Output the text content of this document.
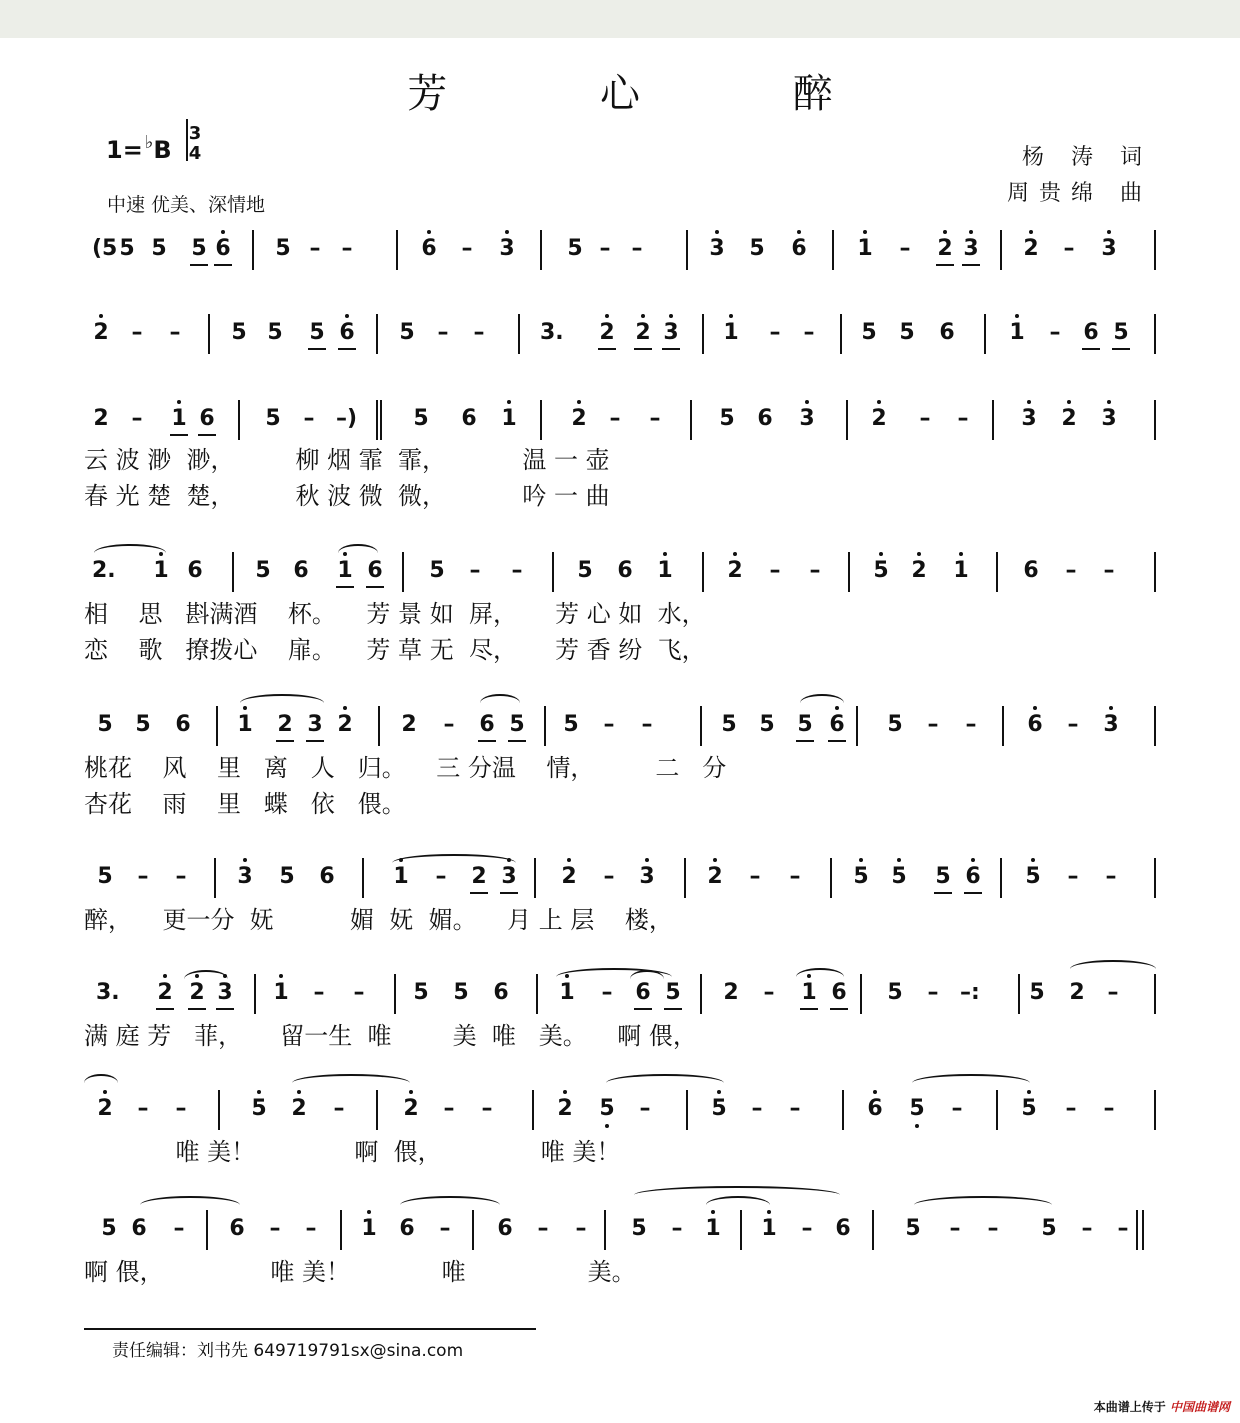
芳 心 醉
1= ♭B
3
4
中速 优美、深情地
杨 涛 词
周贵绵 曲
(5 5 5 5 6 5 – –	6 – 3 5 – –	3 5 6 1 – 2 3 2 – 3
2 – – 5 5 5 6 5 – –	3. 2 2 3 1 – – 5 5 6 1 – 6 5
2 – 1 6 5 – –)	5 6 1 2 – –	5 6 3	2 – – 3 2 3
2. 1 6 5 6 1 6 5 – – 5 6 1 2 – – 5 2 1 6 – –
5 5 6 1 2 3 2 2 – 6 5 5 – –	5 5 5 6 5 – – 6 – 3
5 – – 3 5 6	1 – 2 3 2 – 3 2 – – 5 5 5 6 5 – –
3. 2 2 3 1 – – 5 5 6 1 – 6 5 2 – 1 6 5 – –: 5 2 –
2 – –	5 2 –	2 – –	2 5 –	5 – –	6 5 –	5 – –
5 6 – 6 – – 1 6 – 6 – – 5 – 1 1 – 6 5 – – 5 – –
云 波 渺  渺，        柳 烟 霏  霏，          温 一 壶
春 光 楚  楚，        秋 波 微  微，          吟 一 曲
相    思   斟满酒    杯。    芳 景 如  屏，     芳 心 如  水，
恋    歌   撩拨心    扉。    芳 草 无  尽，     芳 香 纷  飞，
桃花    风    里   离   人   归。    三 分温    情，        二   分
杏花    雨    里   蝶   依   偎。
醉，    更一分  妩          媚  妩  媚。    月 上 层    楼，
满 庭 芳   菲，     留一生  唯        美  唯   美。    啊 偎，
唯 美！             啊  偎，             唯 美！
啊 偎，              唯 美！            唯                美。
责任编辑：刘书先 649719791sx@sina.com
本曲谱上传于 中国曲谱网
